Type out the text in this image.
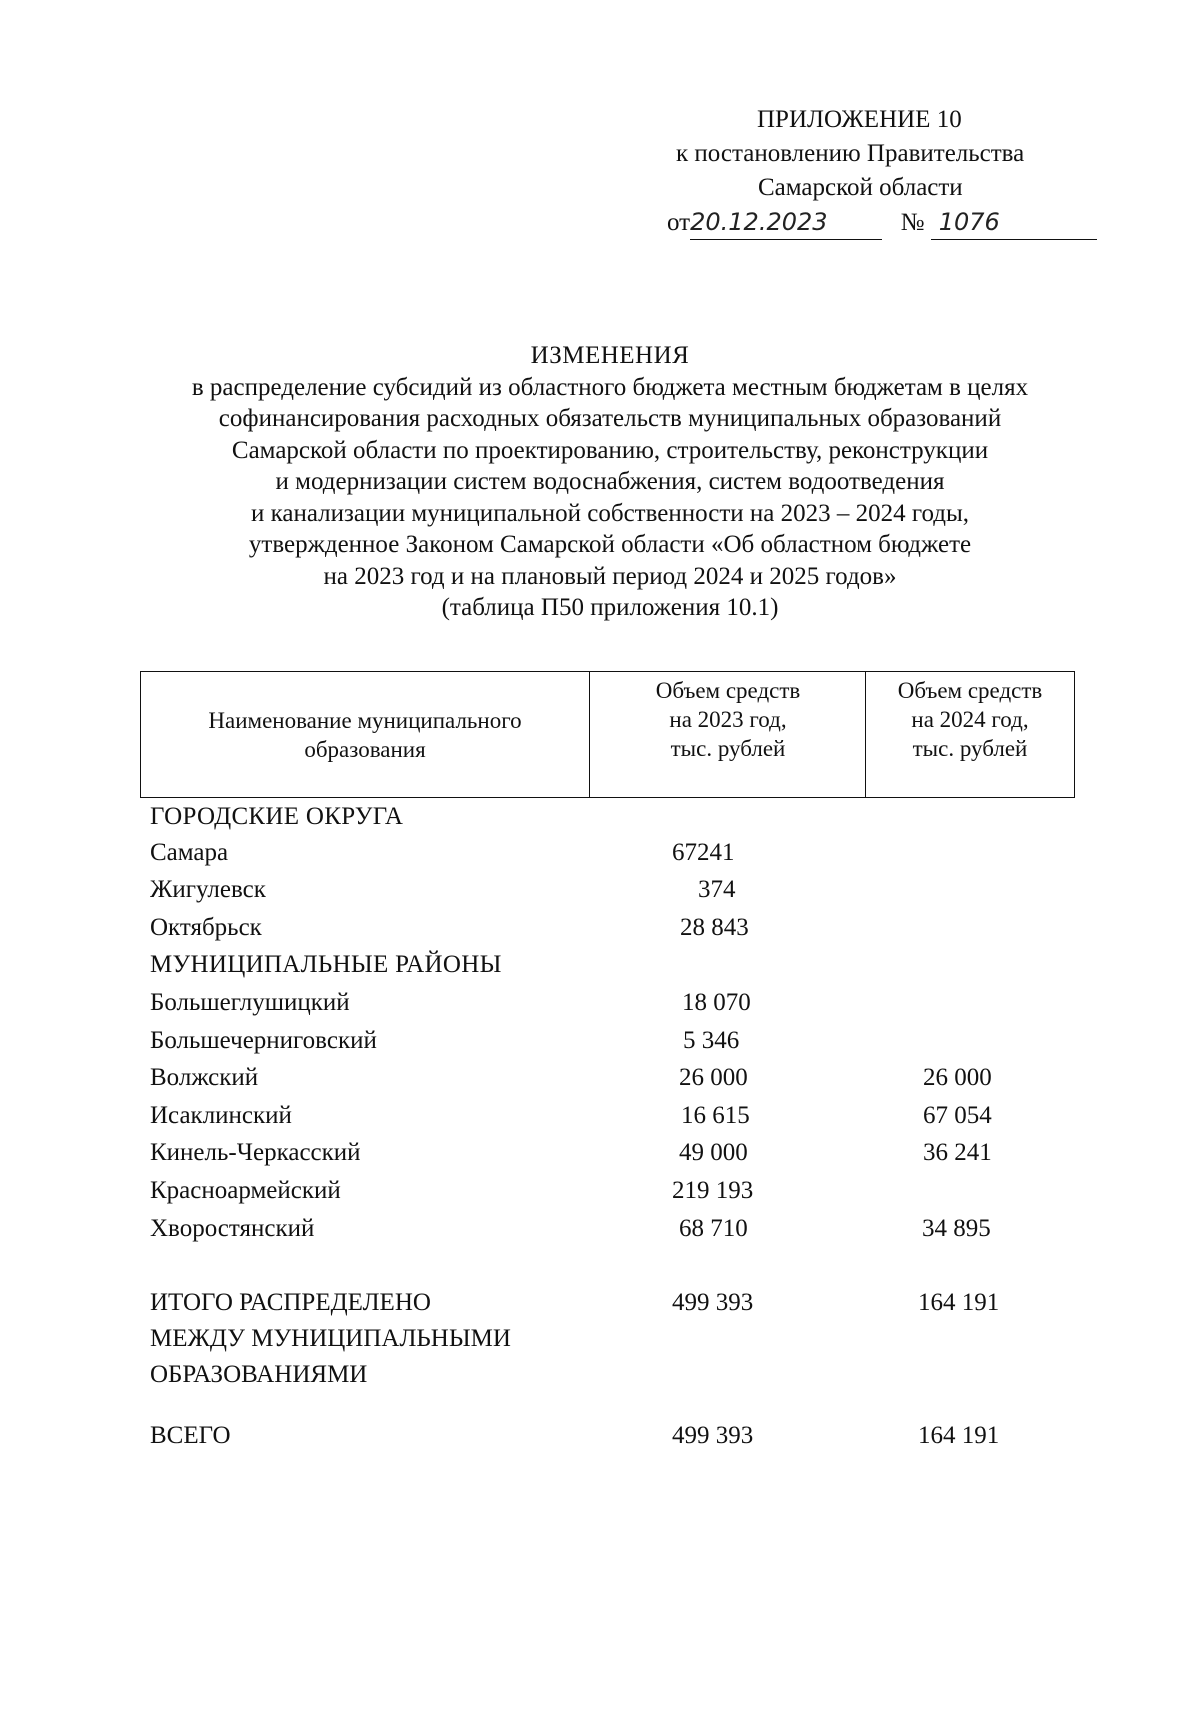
ПРИЛОЖЕНИЕ 10
к постановлению Правительства
Самарской области
от20.12.2023	№ 1076
ИЗМЕНЕНИЯ
в распределение субсидий из областного бюджета местным бюджетам в целях
софинансирования расходных обязательств муниципальных образований
Самарской области по проектированию, строительству, реконструкции
и модернизации систем водоснабжения, систем водоотведения
и канализации муниципальной собственности на 2023 – 2024 годы,
утвержденное Законом Самарской области «Об областном бюджете
на 2023 год и на плановый период 2024 и 2025 годов»
(таблица П50 приложения 10.1)
Наименование муниципального
образования
Объем средств
на 2023 год,
тыс. рублей
Объем средств
на 2024 год,
тыс. рублей
ГОРОДСКИЕ ОКРУГА
Самара	67241
Жигулевск	374
Октябрьск	28 843
МУНИЦИПАЛЬНЫЕ РАЙОНЫ
Большеглушицкий	18 070
Большечерниговский	5 346
Волжский	26 000	26 000
Исаклинский	16 615	67 054
Кинель-Черкасский	49 000	36 241
Красноармейский	219 193
Хворостянский	68 710	34 895
ИТОГО РАСПРЕДЕЛЕНО
МЕЖДУ МУНИЦИПАЛЬНЫМИ
ОБРАЗОВАНИЯМИ
499 393	164 191
ВСЕГО	499 393	164 191
